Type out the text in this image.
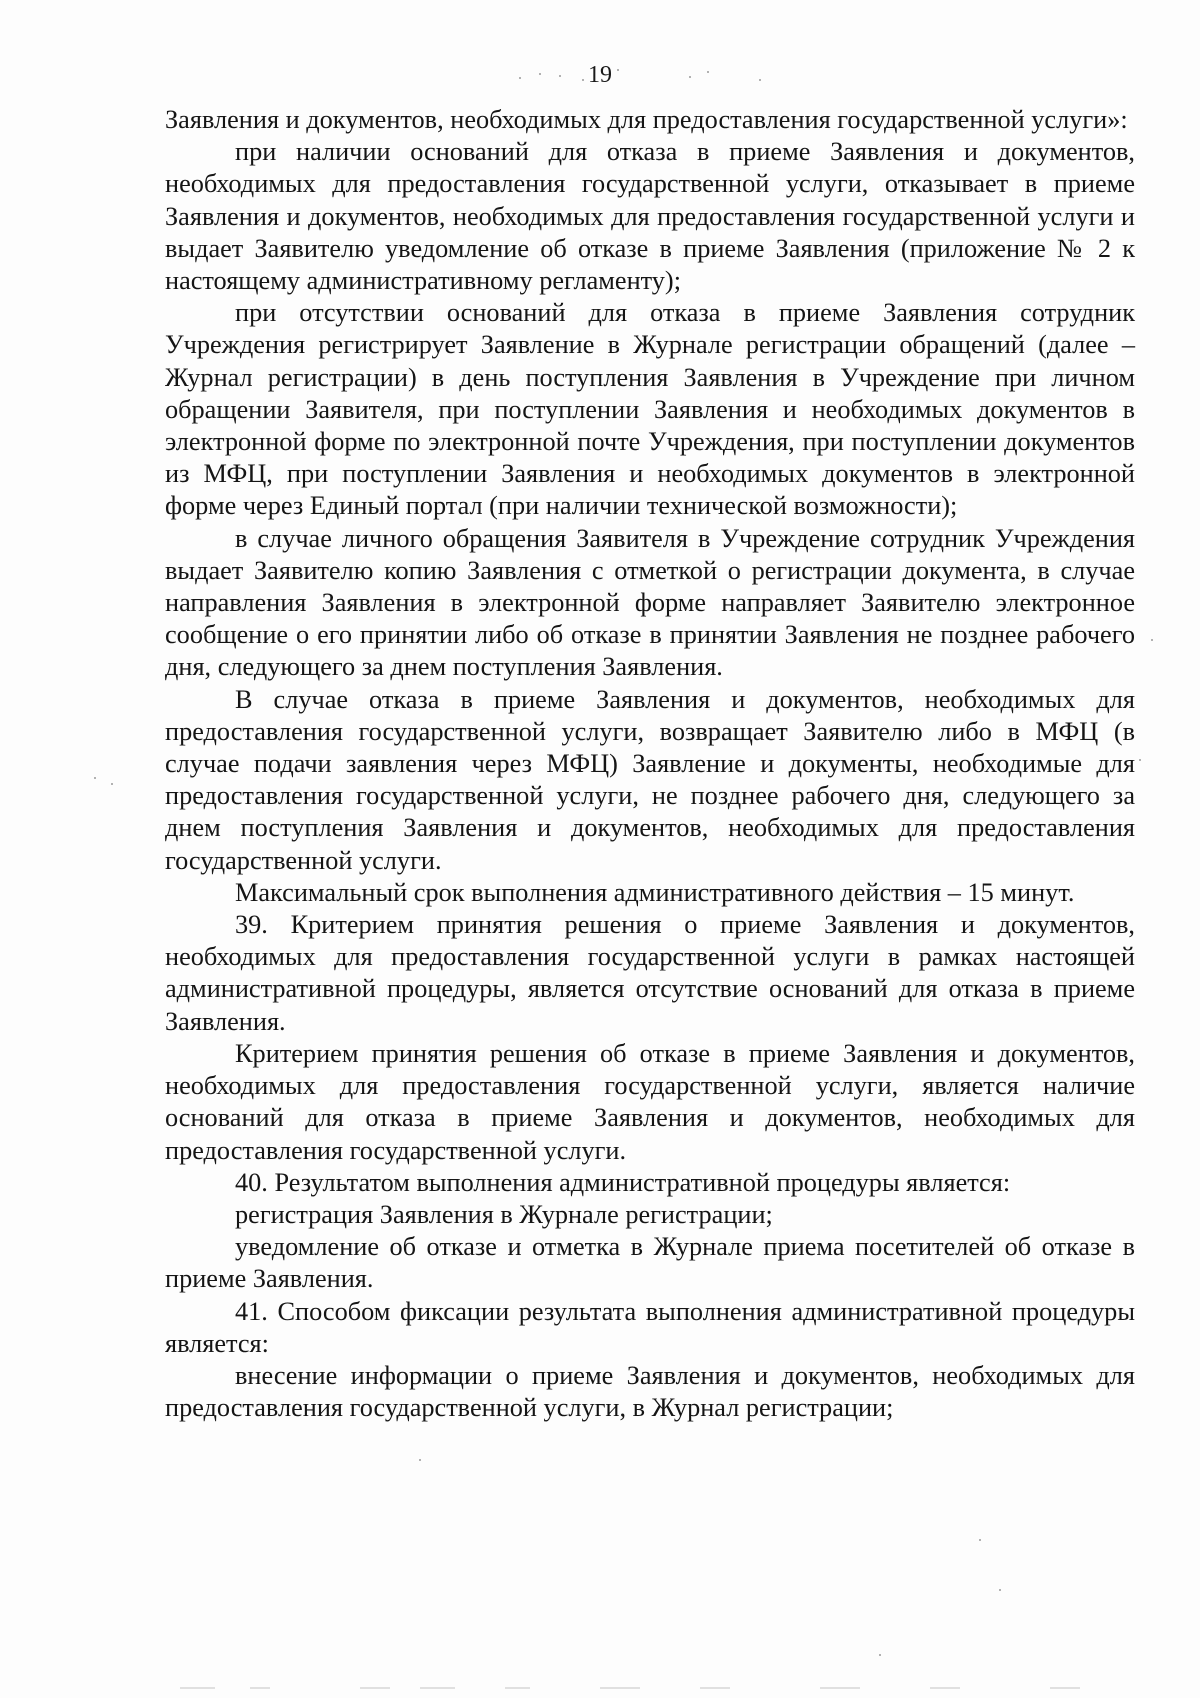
19

Заявления и документов, необходимых для предоставления государственной услуги»:

при наличии оснований для отказа в приеме Заявления и документов, необходимых для предоставления государственной услуги, отказывает в приеме Заявления и документов, необходимых для предоставления государственной услуги и выдает Заявителю уведомление об отказе в приеме Заявления (приложение № 2 к настоящему административному регламенту);

при отсутствии оснований для отказа в приеме Заявления сотрудник Учреждения регистрирует Заявление в Журнале регистрации обращений (далее – Журнал регистрации) в день поступления Заявления в Учреждение при личном обращении Заявителя, при поступлении Заявления и необходимых документов в электронной форме по электронной почте Учреждения, при поступлении документов из МФЦ, при поступлении Заявления и необходимых документов в электронной форме через Единый портал (при наличии технической возможности);

в случае личного обращения Заявителя в Учреждение сотрудник Учреждения выдает Заявителю копию Заявления с отметкой о регистрации документа, в случае направления Заявления в электронной форме направляет Заявителю электронное сообщение о его принятии либо об отказе в принятии Заявления не позднее рабочего дня, следующего за днем поступления Заявления.

В случае отказа в приеме Заявления и документов, необходимых для предоставления государственной услуги, возвращает Заявителю либо в МФЦ (в случае подачи заявления через МФЦ) Заявление и документы, необходимые для предоставления государственной услуги, не позднее рабочего дня, следующего за днем поступления Заявления и документов, необходимых для предоставления государственной услуги.

Максимальный срок выполнения административного действия – 15 минут.

39. Критерием принятия решения о приеме Заявления и документов, необходимых для предоставления государственной услуги в рамках настоящей административной процедуры, является отсутствие оснований для отказа в приеме Заявления.

Критерием принятия решения об отказе в приеме Заявления и документов, необходимых для предоставления государственной услуги, является наличие оснований для отказа в приеме Заявления и документов, необходимых для предоставления государственной услуги.

40. Результатом выполнения административной процедуры является:

регистрация Заявления в Журнале регистрации;

уведомление об отказе и отметка в Журнале приема посетителей об отказе в приеме Заявления.

41. Способом фиксации результата выполнения административной процедуры является:

внесение информации о приеме Заявления и документов, необходимых для предоставления государственной услуги, в Журнал регистрации;
